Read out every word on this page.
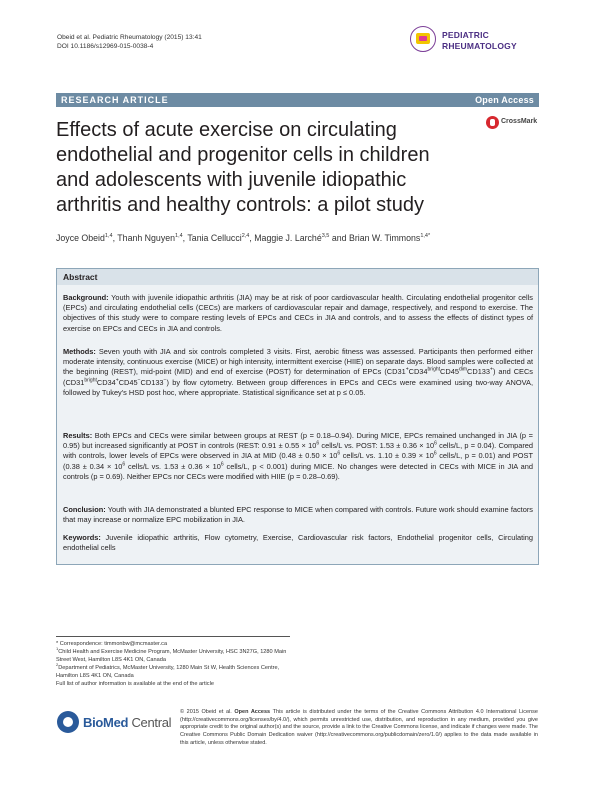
Obeid et al. Pediatric Rheumatology (2015) 13:41
DOI 10.1186/s12969-015-0038-4
PEDIATRIC
RHEUMATOLOGY
RESEARCH ARTICLE	Open Access
Effects of acute exercise on circulating
endothelial and progenitor cells in children
and adolescents with juvenile idiopathic
arthritis and healthy controls: a pilot study
CrossMark
Joyce Obeid$^{1,4}$, Thanh Nguyen$^{1,4}$, Tania Cellucci$^{2,4}$, Maggie J. Larché$^{3,5}$ and Brian W. Timmons$^{1,4*}$
Abstract
Background: Youth with juvenile idiopathic arthritis (JIA) may be at risk of poor cardiovascular health. Circulating endothelial progenitor cells (EPCs) and circulating endothelial cells (CECs) are markers of cardiovascular repair and damage, respectively, and respond to exercise. The objectives of this study were to compare resting levels of EPCs and CECs in JIA and controls, and to assess the effects of distinct types of exercise on EPCs and CECs in JIA and controls.
Methods: Seven youth with JIA and six controls completed 3 visits. First, aerobic fitness was assessed. Participants then performed either moderate intensity, continuous exercise (MICE) or high intensity, intermittent exercise (HIIE) on separate days. Blood samples were collected at the beginning (REST), mid-point (MID) and end of exercise (POST) for determination of EPCs $(CD31^+CD34^{bright}CD45^{dim}CD133^+)$ and CECs $(CD31^{bright}CD34^+CD45^-CD133^-)$ by flow cytometry. Between group differences in EPCs and CECs were examined using two-way ANOVA, followed by Tukey's HSD post hoc, where appropriate. Statistical significance set at p ≤ 0.05.
Results: Both EPCs and CECs were similar between groups at REST (p = 0.18–0.94). During MICE, EPCs remained unchanged in JIA (p = 0.95) but increased significantly at POST in controls (REST: $0.91 \pm 0.55 \times 10^6$ cells/L vs. POST: $1.53 \pm 0.36 \times 10^6$ cells/L, p = 0.04). Compared with controls, lower levels of EPCs were observed in JIA at MID ($0.48 \pm 0.50 \times 10^6$ cells/L vs. $1.10 \pm 0.39 \times 10^6$ cells/L, p = 0.01) and POST ($0.38 \pm 0.34 \times 10^6$ cells/L vs. $1.53 \pm 0.36 \times 10^6$ cells/L, p < 0.001) during MICE. No changes were detected in CECs with MICE in JIA and controls (p = 0.69). Neither EPCs nor CECs were modified with HIIE (p = 0.28–0.69).
Conclusion: Youth with JIA demonstrated a blunted EPC response to MICE when compared with controls. Future work should examine factors that may increase or normalize EPC mobilization in JIA.
Keywords: Juvenile idiopathic arthritis, Flow cytometry, Exercise, Cardiovascular risk factors, Endothelial progenitor cells, Circulating endothelial cells
* Correspondence: timmonbw@mcmaster.ca
$^1$Child Health and Exercise Medicine Program, McMaster University, HSC 3N27G, 1280 Main Street West, Hamilton L8S 4K1 ON, Canada
$^2$Department of Pediatrics, McMaster University, 1280 Main St W, Health Sciences Centre, Hamilton L8S 4K1 ON, Canada
Full list of author information is available at the end of the article
BioMed Central
© 2015 Obeid et al. Open Access This article is distributed under the terms of the Creative Commons Attribution 4.0 International License (http://creativecommons.org/licenses/by/4.0/), which permits unrestricted use, distribution, and reproduction in any medium, provided you give appropriate credit to the original author(s) and the source, provide a link to the Creative Commons license, and indicate if changes were made. The Creative Commons Public Domain Dedication waiver (http://creativecommons.org/publicdomain/zero/1.0/) applies to the data made available in this article, unless otherwise stated.
